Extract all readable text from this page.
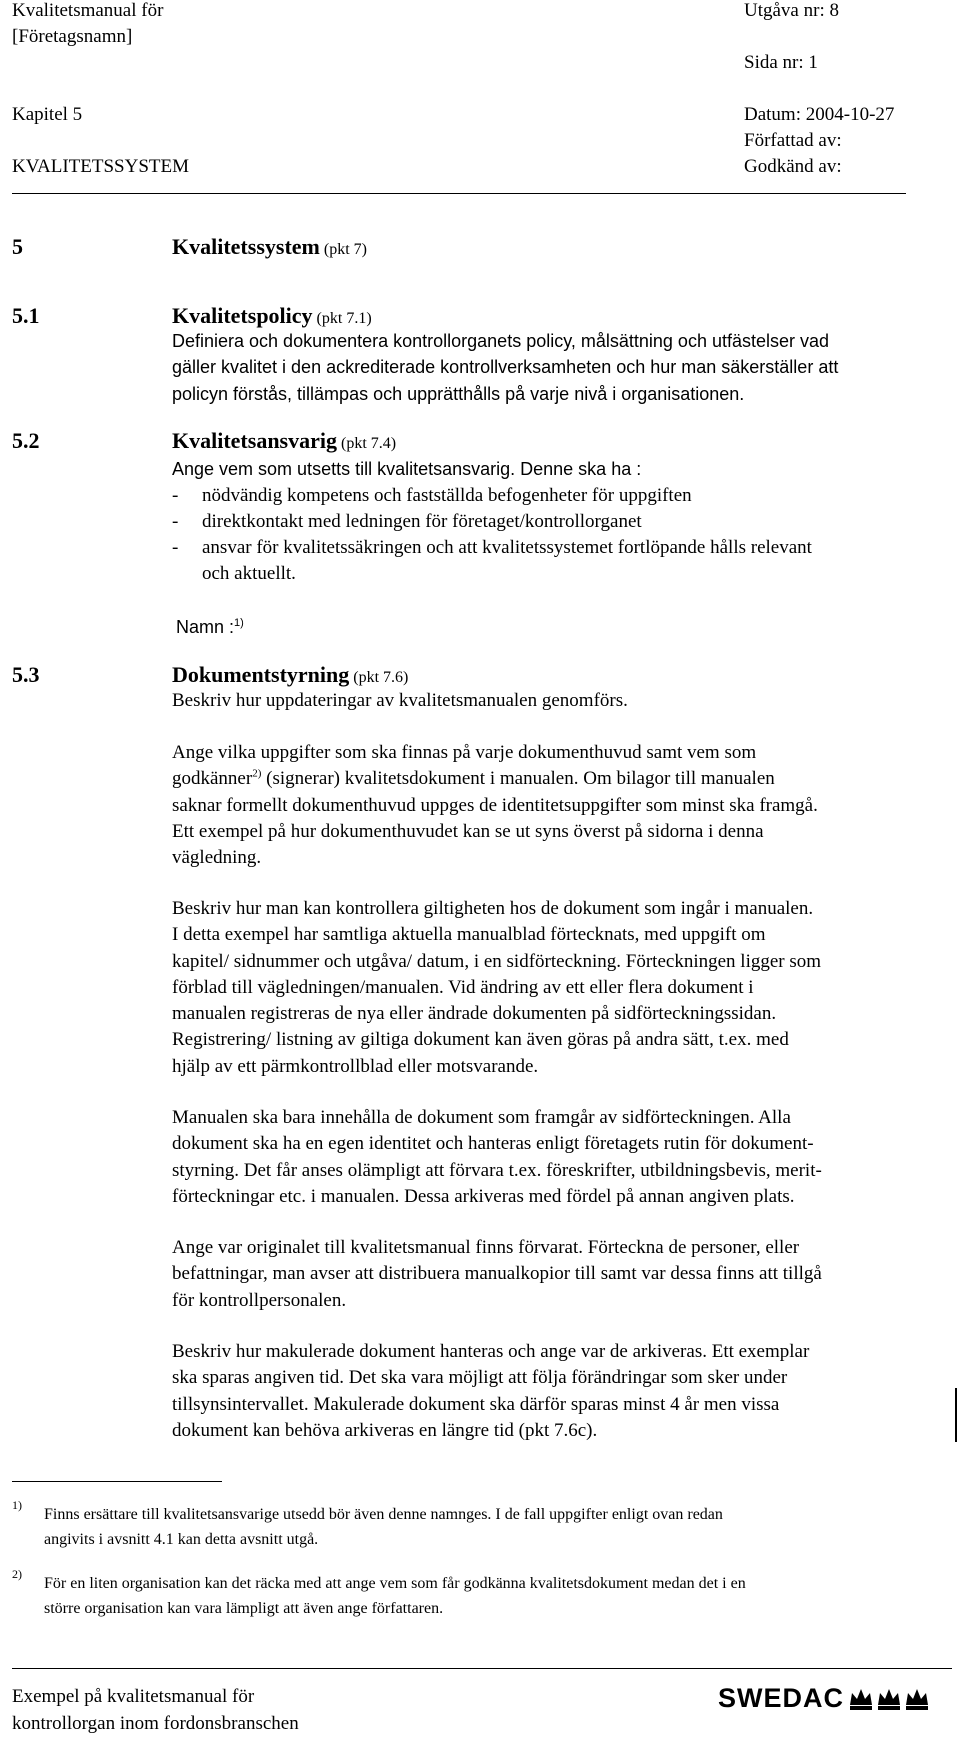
Kvalitetsmanual för

[Företagsnamn]

Utgåva nr: 8

Sida nr: 1

Kapitel 5	Datum: 2004-10-27

Författad av:

KVALITETSSYSTEM	Godkänd av:

5	Kvalitetssystem (pkt 7)
5.1	Kvalitetspolicy (pkt 7.1)
Definiera och dokumentera kontrollorganets policy, målsättning och utfästelser vad
gäller kvalitet i den ackrediterade kontrollverksamheten och hur man säkerställer att
policyn förstås, tillämpas och upprätthålls på varje nivå i organisationen.
5.2	Kvalitetsansvarig (pkt 7.4)

Ange vem som utsetts till kvalitetsansvarig. Denne ska ha :

- nödvändig kompetens och fastställda befogenheter för uppgiften

- direktkontakt med ledningen för företaget/kontrollorganet

- ansvar för kvalitetssäkringen och att kvalitetssystemet fortlöpande hålls relevant

och aktuellt.

Namn :$^{1)}$
5.3	Dokumentstyrning (pkt 7.6)
Beskriv hur uppdateringar av kvalitetsmanualen genomförs.
Ange vilka uppgifter som ska finnas på varje dokumenthuvud samt vem som
godkänner$^{2)}$ (signerar) kvalitetsdokument i manualen. Om bilagor till manualen
saknar formellt dokumenthuvud uppges de identitetsuppgifter som minst ska framgå.
Ett exempel på hur dokumenthuvudet kan se ut syns överst på sidorna i denna
vägledning.
Beskriv hur man kan kontrollera giltigheten hos de dokument som ingår i manualen.
I detta exempel har samtliga aktuella manualblad förtecknats, med uppgift om
kapitel/ sidnummer och utgåva/ datum, i en sidförteckning. Förteckningen ligger som
förblad till vägledningen/manualen. Vid ändring av ett eller flera dokument i
manualen registreras de nya eller ändrade dokumenten på sidförteckningssidan.
Registrering/ listning av giltiga dokument kan även göras på andra sätt, t.ex. med
hjälp av ett pärmkontrollblad eller motsvarande.
Manualen ska bara innehålla de dokument som framgår av sidförteckningen. Alla
dokument ska ha en egen identitet och hanteras enligt företagets rutin för dokument-
styrning. Det får anses olämpligt att förvara t.ex. föreskrifter, utbildningsbevis, merit-
förteckningar etc. i manualen. Dessa arkiveras med fördel på annan angiven plats.
Ange var originalet till kvalitetsmanual finns förvarat. Förteckna de personer, eller
befattningar, man avser att distribuera manualkopior till samt var dessa finns att tillgå
för kontrollpersonalen.
Beskriv hur makulerade dokument hanteras och ange var de arkiveras. Ett exemplar
ska sparas angiven tid. Det ska vara möjligt att följa förändringar som sker under
tillsynsintervallet. Makulerade dokument ska därför sparas minst 4 år men vissa
dokument kan behöva arkiveras en längre tid (pkt 7.6c).

1)

Finns ersättare till kvalitetsansvarige utsedd bör även denne namnges. I de fall uppgifter enligt ovan redan
angivits i avsnitt 4.1 kan detta avsnitt utgå.

2)

För en liten organisation kan det räcka med att ange vem som får godkänna kvalitetsdokument medan det i en
större organisation kan vara lämpligt att även ange författaren.

Exempel på kvalitetsmanual för

kontrollorgan inom fordonsbranschen

SWEDAC
